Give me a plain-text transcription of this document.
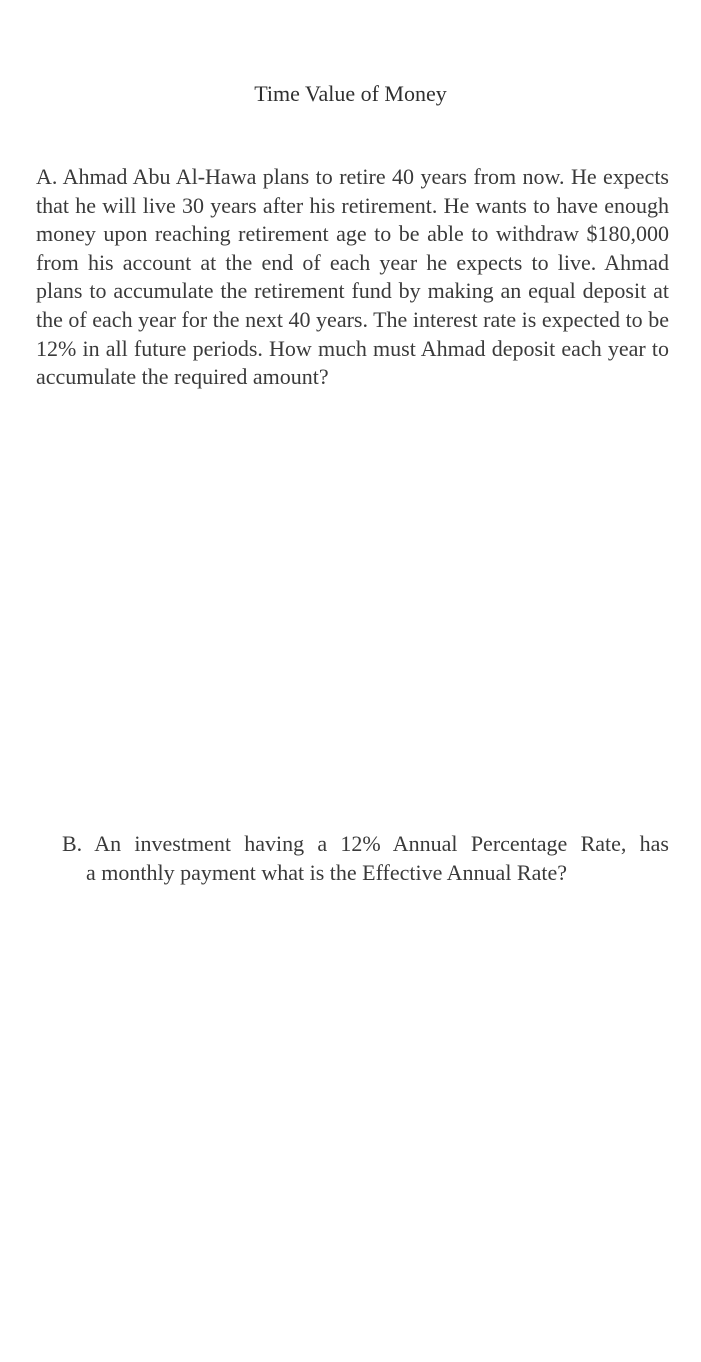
Time Value of Money
A. Ahmad Abu Al-Hawa plans to retire 40 years from now. He expects that he will live 30 years after his retirement. He wants to have enough money upon reaching retirement age to be able to withdraw $180,000 from his account at the end of each year he expects to live. Ahmad plans to accumulate the retirement fund by making an equal deposit at the of each year for the next 40 years. The interest rate is expected to be 12% in all future periods. How much must Ahmad deposit each year to accumulate the required amount?
B. An investment having a 12% Annual Percentage Rate, has
a monthly payment what is the Effective Annual Rate?
